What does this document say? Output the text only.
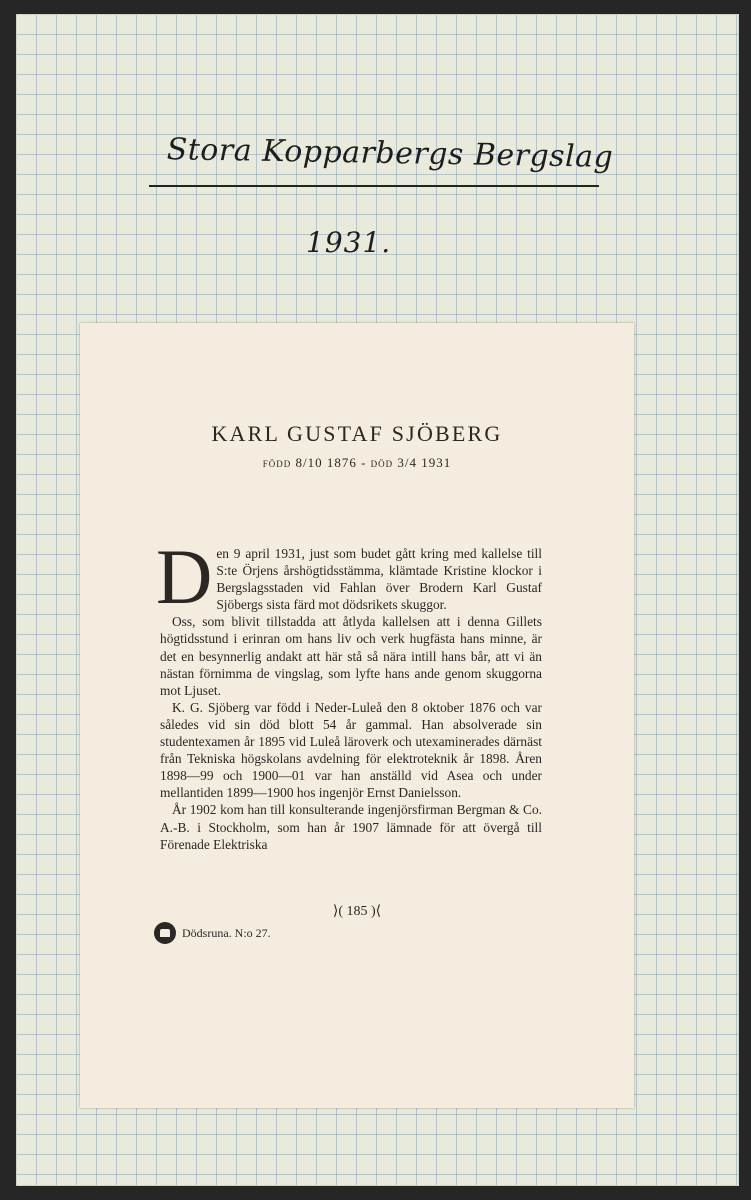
Stora Kopparbergs Bergslag
1931.
KARL GUSTAF SJÖBERG
FÖDD 8/10 1876 - DÖD 3/4 1931

Den 9 april 1931, just som budet gått kring med kallelse till S:te Örjens årshögtidsstämma, klämtade Kristine klockor i Bergslagsstaden vid Fahlan över Brodern Karl Gustaf Sjöbergs sista färd mot dödsrikets skuggor.

Oss, som blivit tillstadda att åtlyda kallelsen att i denna Gillets högtidsstund i erinran om hans liv och verk hugfästa hans minne, är det en besynnerlig andakt att här stå så nära intill hans bår, att vi än nästan förnimma de vingslag, som lyfte hans ande genom skuggorna mot Ljuset.

K. G. Sjöberg var född i Neder-Luleå den 8 oktober 1876 och var således vid sin död blott 54 år gammal. Han absolverade sin studentexamen år 1895 vid Luleå läroverk och utexaminerades därnäst från Tekniska högskolans avdelning för elektroteknik år 1898. Åren 1898—99 och 1900—01 var han anställd vid Asea och under mellantiden 1899—1900 hos ingenjör Ernst Danielsson.

År 1902 kom han till konsulterande ingenjörsfirman Bergman & Co. A.-B. i Stockholm, som han år 1907 lämnade för att övergå till Förenade Elektriska

⟩( 185 )⟨
Dödsruna. N:o 27.
